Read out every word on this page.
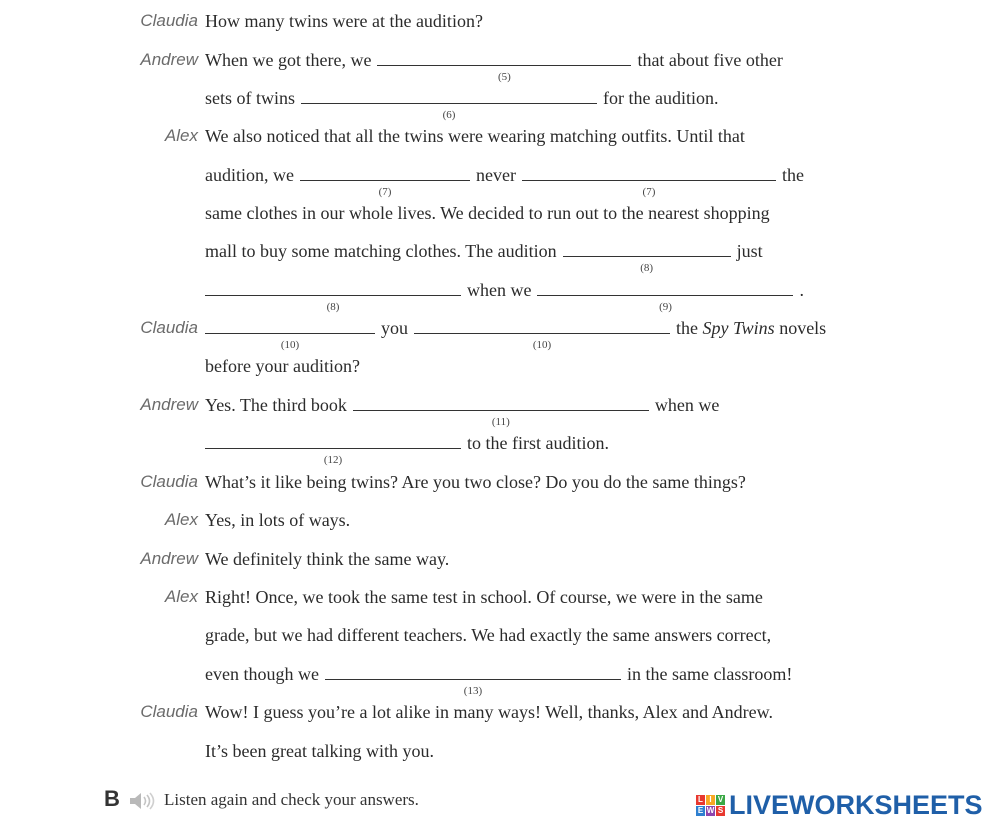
Claudia How many twins were at the audition?
Andrew When we got there, we
(5)
that about five other
sets of twins
(6)
for the audition.
Alex We also noticed that all the twins were wearing matching outfits. Until that
audition, we
(7)
never
(7)
the
same clothes in our whole lives. We decided to run out to the nearest shopping
mall to buy some matching clothes. The audition
(8)
just
(8)
when we
(9)
.
Claudia
(10)
you
(10)
the Spy Twins novels
before your audition?
Andrew Yes. The third book
(11)
when we
(12)
to the first audition.
Claudia What’s it like being twins? Are you two close? Do you do the same things?
Alex Yes, in lots of ways.
Andrew We definitely think the same way.
Alex Right! Once, we took the same test in school. Of course, we were in the same
grade, but we had different teachers. We had exactly the same answers correct,
even though we
(13)
in the same classroom!
Claudia Wow! I guess you’re a lot alike in many ways! Well, thanks, Alex and Andrew.
It’s been great talking with you.
B	Listen again and check your answers.	L I V
E W S LIVEWORKSHEETS
